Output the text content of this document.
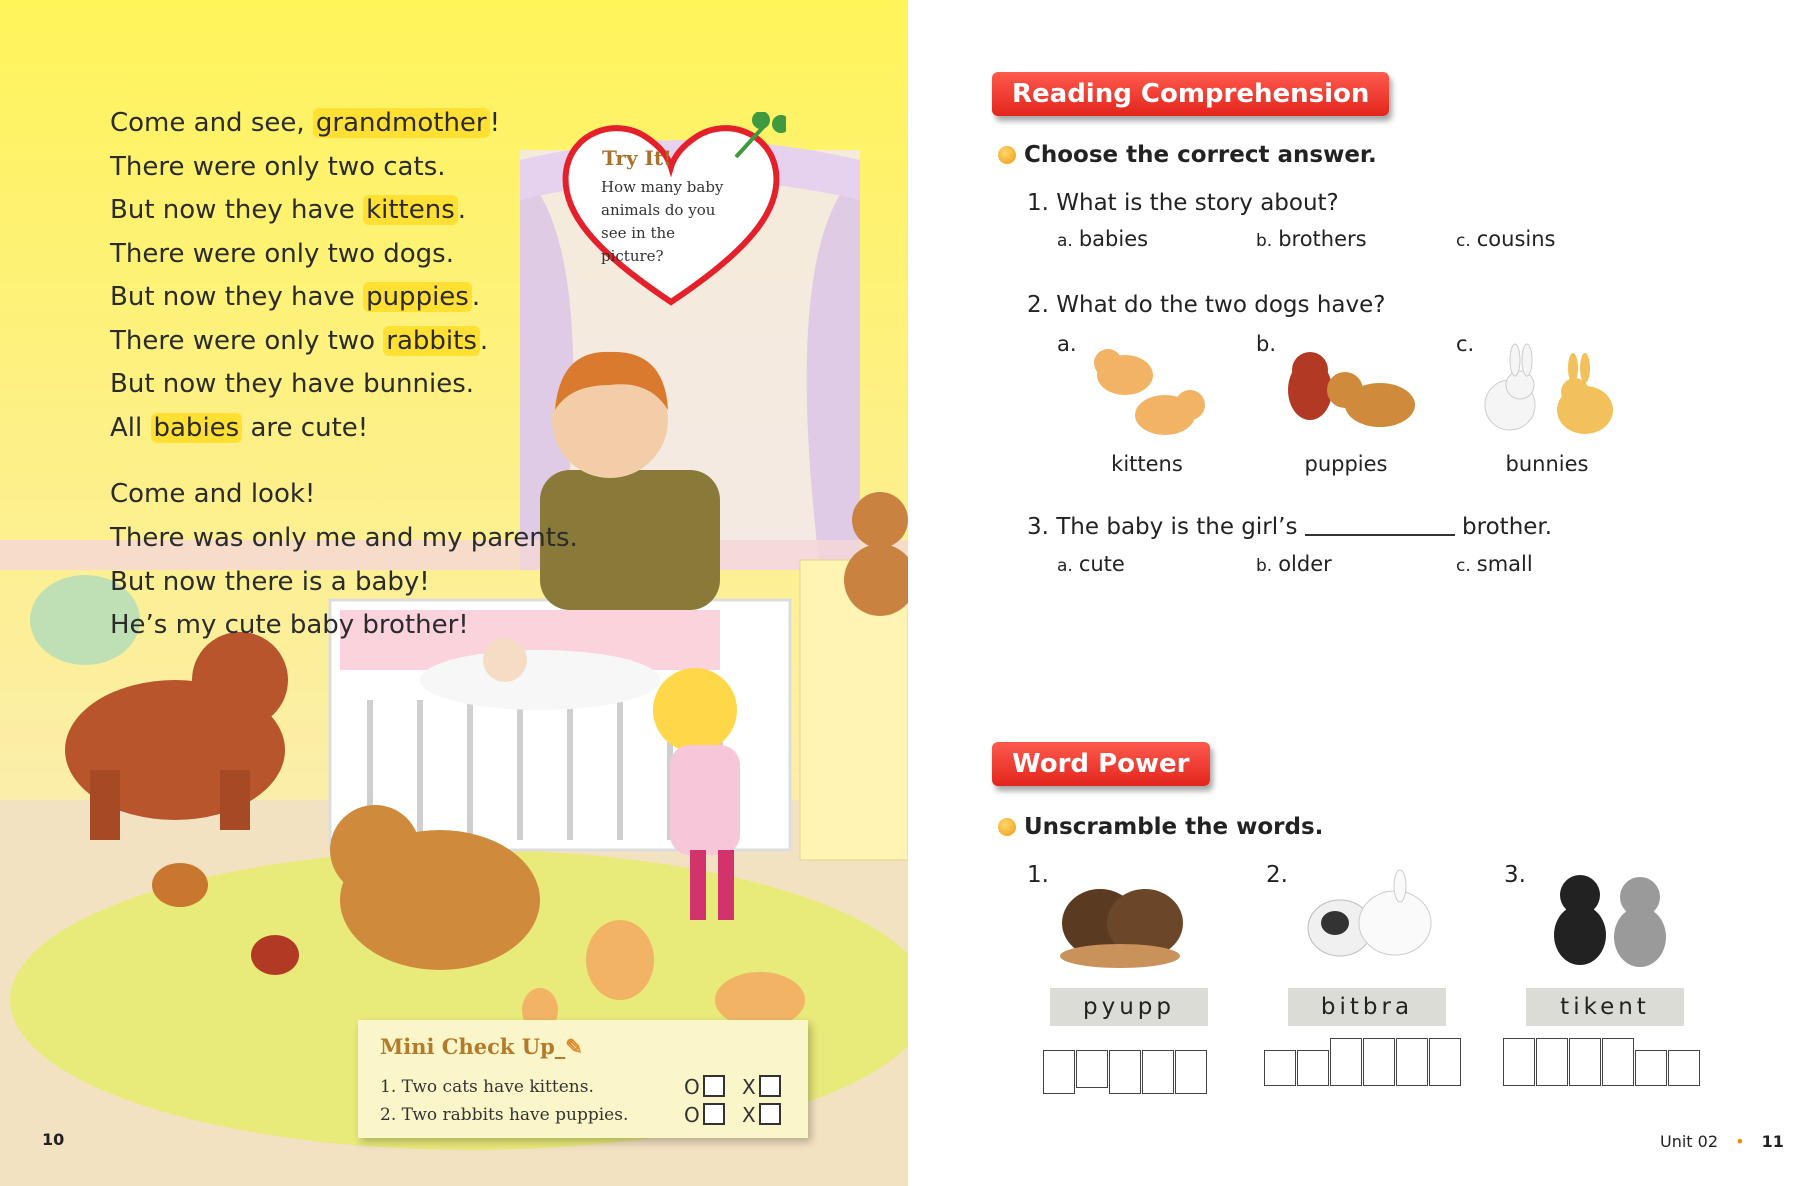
Come and see, grandmother !
There were only two cats.
But now they have kittens .
There were only two dogs.
But now they have puppies .
There were only two rabbits .
But now they have bunnies.
All babies are cute!
Come and look!
There was only me and my parents.
But now there is a baby!
He’s my cute baby brother!
Try It!
How many baby animals do you see in the picture?
Mini Check Up_✎
1. Two cats have kittens.
2. Two rabbits have puppies.
O	X
O	X
10
Reading Comprehension
Choose the correct answer.
1. What is the story about?
a. babies	b. brothers	c. cousins
2. What do the two dogs have?
a.	b.	c.
kittens	puppies	bunnies
3. The baby is the girl’s	brother.
a. cute	b. older	c. small
Word Power
Unscramble the words.
1.	2.	3.
pyupp	bitbra	tikent
Unit 02 • 11
